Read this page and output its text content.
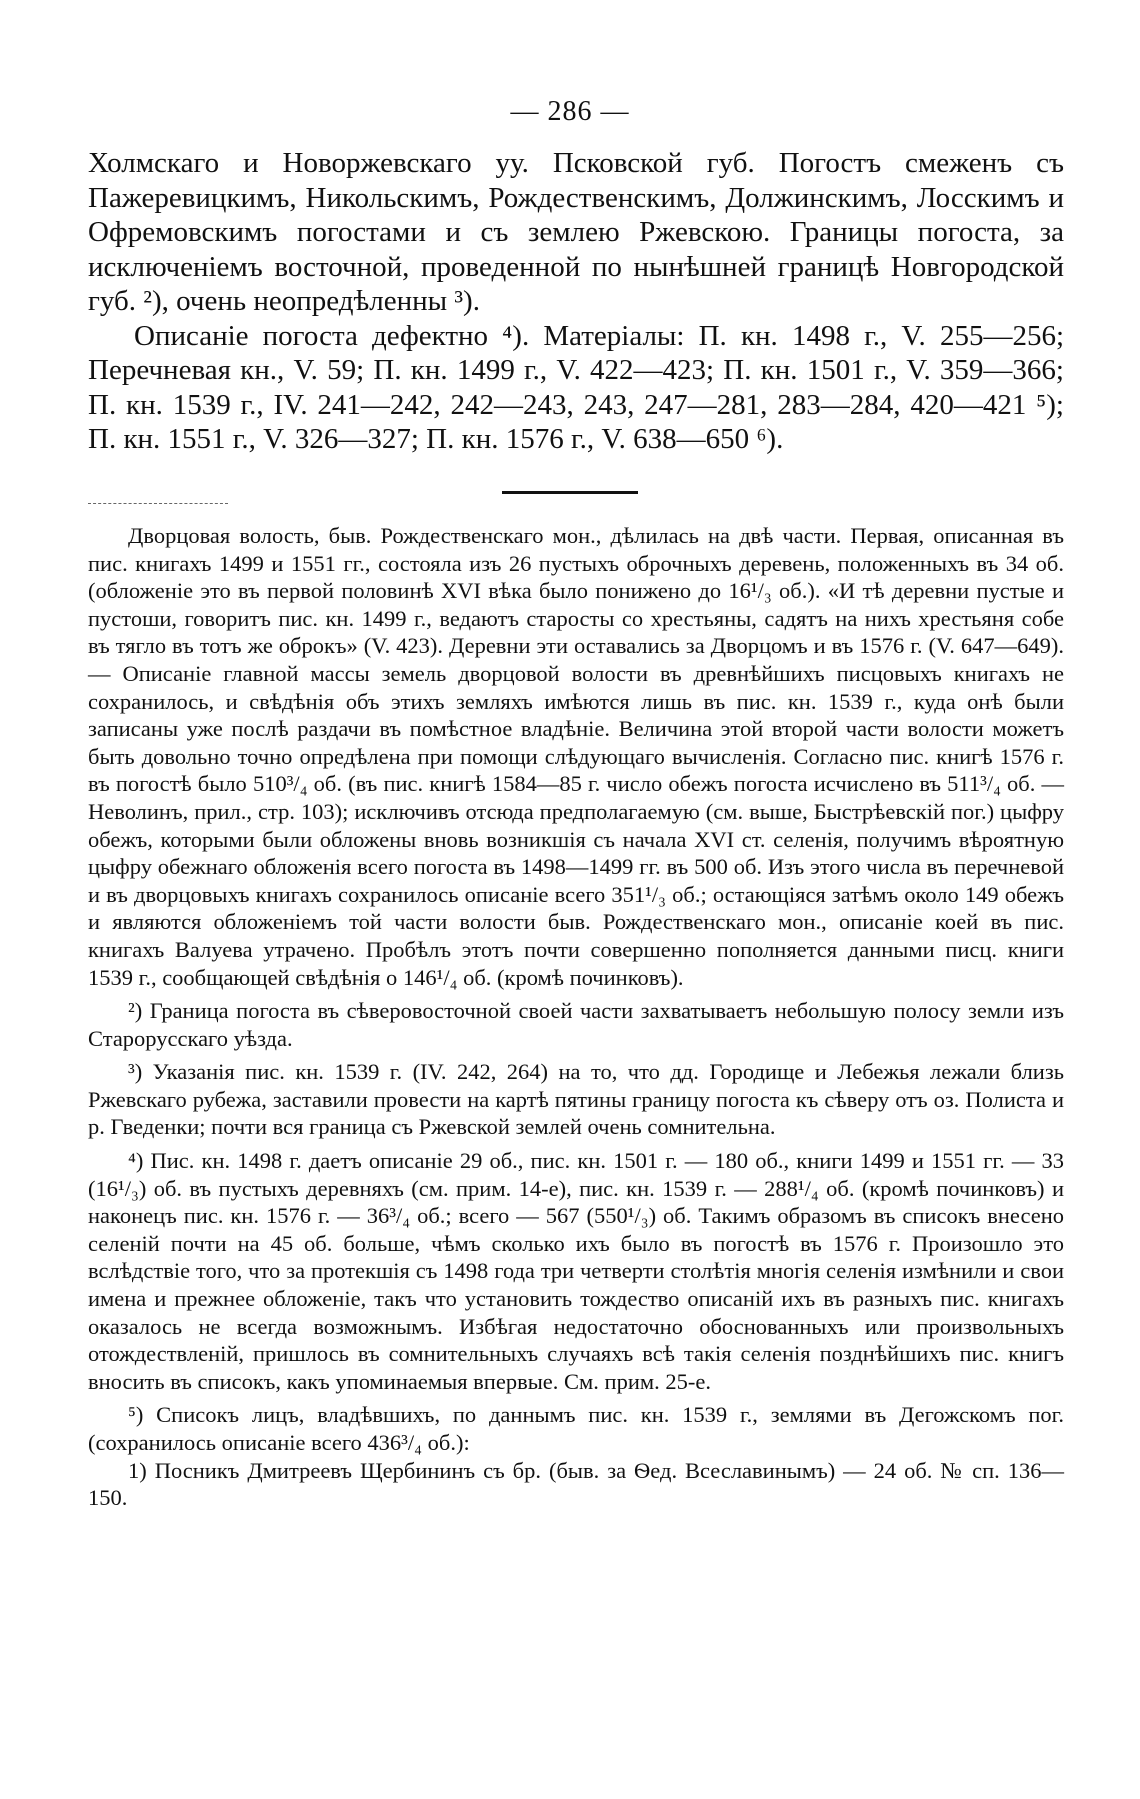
— 286 —

Холмскаго и Новоржевскаго уу. Псковской губ. Погостъ смеженъ съ Пажеревицкимъ, Никольскимъ, Рождественскимъ, Должинскимъ, Лосскимъ и Офремовскимъ погостами и съ землею Ржевскою. Границы погоста, за исключеніемъ восточной, проведенной по нынѣшней границѣ Новгородской губ. ²), очень неопредѣленны ³).

Описаніе погоста дефектно ⁴). Матеріалы: П. кн. 1498 г., V. 255—256; Перечневая кн., V. 59; П. кн. 1499 г., V. 422—423; П. кн. 1501 г., V. 359—366; П. кн. 1539 г., IV. 241—242, 242—243, 243, 247—281, 283—284, 420—421 ⁵); П. кн. 1551 г., V. 326—327; П. кн. 1576 г., V. 638—650 ⁶).

Дворцовая волость, быв. Рождественскаго мон., дѣлилась на двѣ части. Первая, описанная въ пис. книгахъ 1499 и 1551 гг., состояла изъ 26 пустыхъ оброчныхъ деревень, положенныхъ въ 34 об. (обложеніе это въ первой половинѣ XVI вѣка было понижено до 16¹/₃ об.). «И тѣ деревни пустые и пустоши, говоритъ пис. кн. 1499 г., ведаютъ старосты со хрестьяны, садятъ на нихъ хрестьяня собе въ тягло въ тотъ же оброкъ» (V. 423). Деревни эти оставались за Дворцомъ и въ 1576 г. (V. 647—649). — Описаніе главной массы земель дворцовой волости въ древнѣйшихъ писцовыхъ книгахъ не сохранилось, и свѣдѣнія объ этихъ земляхъ имѣются лишь въ пис. кн. 1539 г., куда онѣ были записаны уже послѣ раздачи въ помѣстное владѣніе. Величина этой второй части волости можетъ быть довольно точно опредѣлена при помощи слѣдующаго вычисленія. Согласно пис. книгѣ 1576 г. въ погостѣ было 510³/₄ об. (въ пис. книгѣ 1584—85 г. число обежъ погоста исчислено въ 511³/₄ об. — Неволинъ, прил., стр. 103); исключивъ отсюда предполагаемую (см. выше, Быстрѣевскій пог.) цыфру обежъ, которыми были обложены вновь возникшія съ начала XVI ст. селенія, получимъ вѣроятную цыфру обежнаго обложенія всего погоста въ 1498—1499 гг. въ 500 об. Изъ этого числа въ перечневой и въ дворцовыхъ книгахъ сохранилось описаніе всего 351¹/₃ об.; остающіяся затѣмъ около 149 обежъ и являются обложеніемъ той части волости быв. Рождественскаго мон., описаніе коей въ пис. книгахъ Валуева утрачено. Пробѣлъ этотъ почти совершенно пополняется данными писц. книги 1539 г., сообщающей свѣдѣнія о 146¹/₄ об. (кромѣ починковъ).

²) Граница погоста въ сѣверовосточной своей части захватываетъ небольшую полосу земли изъ Старорусскаго уѣзда.

³) Указанія пис. кн. 1539 г. (IV. 242, 264) на то, что дд. Городище и Лебежья лежали близь Ржевскаго рубежа, заставили провести на картѣ пятины границу погоста къ сѣверу отъ оз. Полиста и р. Гведенки; почти вся граница съ Ржевской землей очень сомнительна.

⁴) Пис. кн. 1498 г. даетъ описаніе 29 об., пис. кн. 1501 г. — 180 об., книги 1499 и 1551 гг. — 33 (16¹/₃) об. въ пустыхъ деревняхъ (см. прим. 14-е), пис. кн. 1539 г. — 288¹/₄ об. (кромѣ починковъ) и наконецъ пис. кн. 1576 г. — 36³/₄ об.; всего — 567 (550¹/₃) об. Такимъ образомъ въ списокъ внесено селеній почти на 45 об. больше, чѣмъ сколько ихъ было въ погостѣ въ 1576 г. Произошло это вслѣдствіе того, что за протекшія съ 1498 года три четверти столѣтія многія селенія измѣнили и свои имена и прежнее обложеніе, такъ что установить тождество описаній ихъ въ разныхъ пис. книгахъ оказалось не всегда возможнымъ. Избѣгая недостаточно обоснованныхъ или произвольныхъ отождествленій, пришлось въ сомнительныхъ случаяхъ всѣ такія селенія позднѣйшихъ пис. книгъ вносить въ списокъ, какъ упоминаемыя впервые. См. прим. 25-е.

⁵) Списокъ лицъ, владѣвшихъ, по даннымъ пис. кн. 1539 г., землями въ Дегожскомъ пог. (сохранилось описаніе всего 436³/₄ об.):

1) Посникъ Дмитреевъ Щербининъ съ бр. (быв. за Ѳед. Всеславинымъ) — 24 об. № сп. 136—150.
